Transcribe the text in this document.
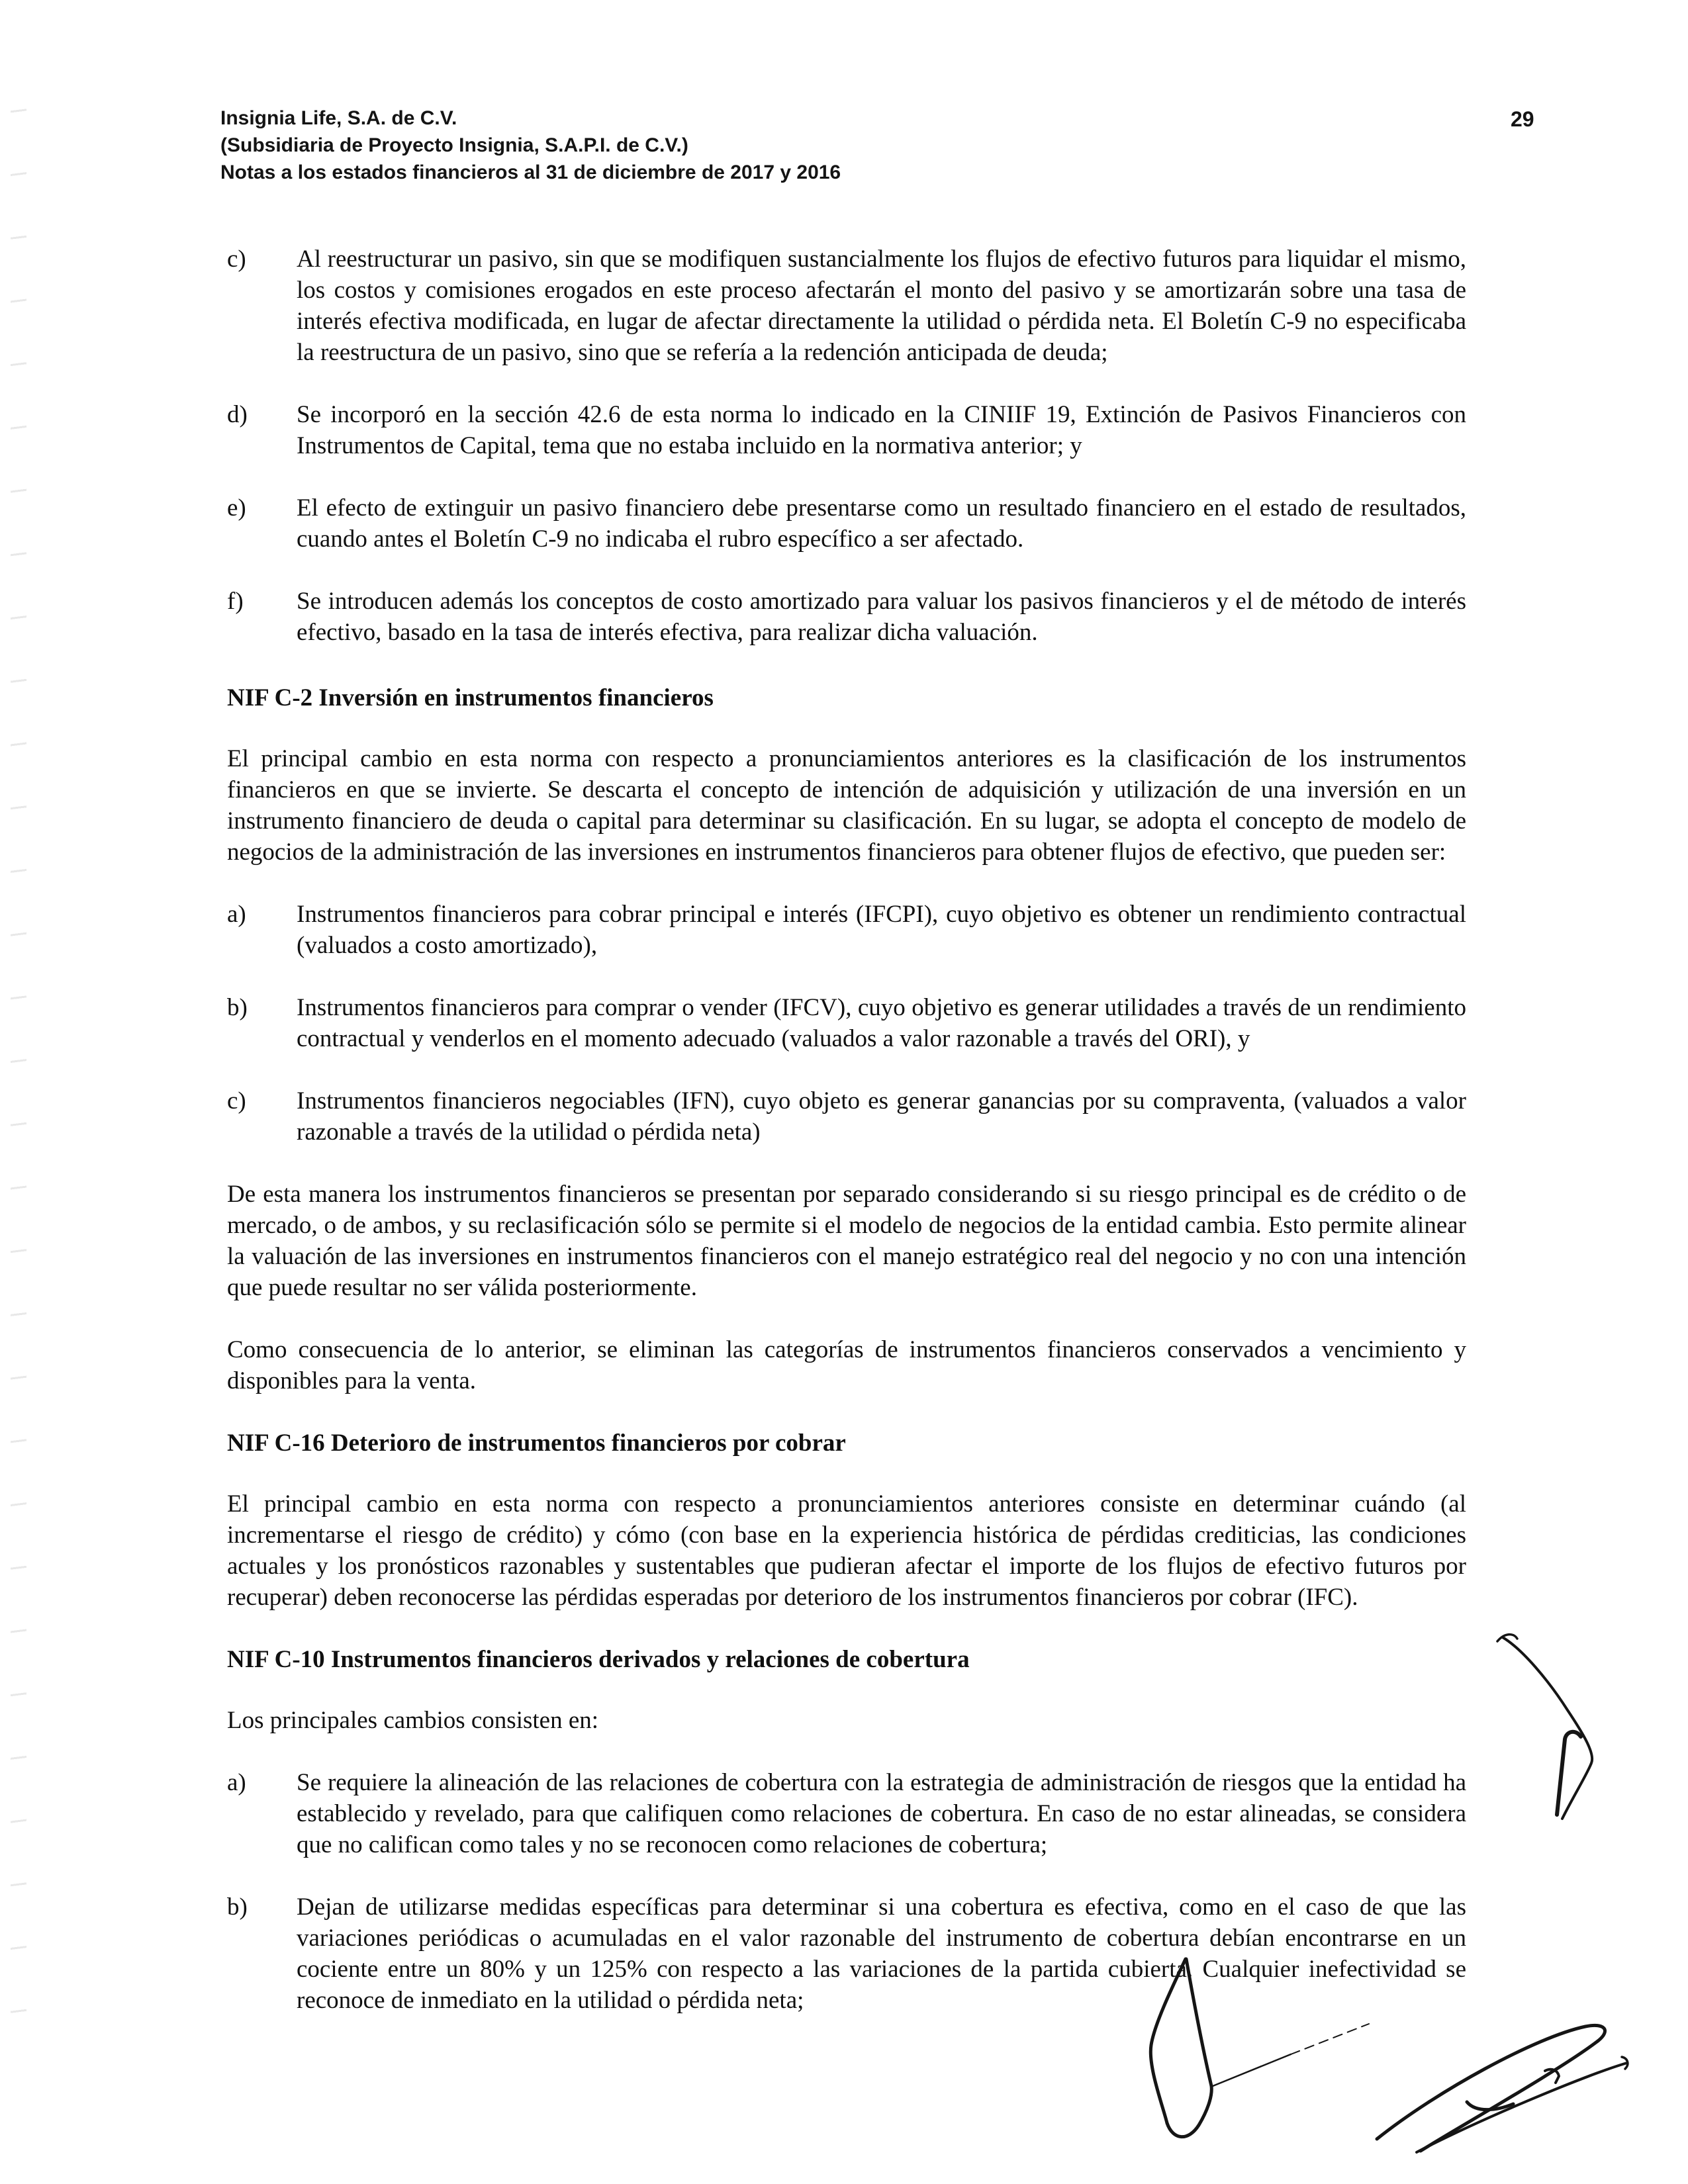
Insignia Life, S.A. de C.V.
(Subsidiaria de Proyecto Insignia, S.A.P.I. de C.V.)
Notas a los estados financieros al 31 de diciembre de 2017 y 2016
29
c)	Al reestructurar un pasivo, sin que se modifiquen sustancialmente los flujos de efectivo futuros para liquidar el mismo, los costos y comisiones erogados en este proceso afectarán el monto del pasivo y se amortizarán sobre una tasa de interés efectiva modificada, en lugar de afectar directamente la utilidad o pérdida neta. El Boletín C-9 no especificaba la reestructura de un pasivo, sino que se refería a la redención anticipada de deuda;
d)	Se incorporó en la sección 42.6 de esta norma lo indicado en la CINIIF 19, Extinción de Pasivos Financieros con Instrumentos de Capital, tema que no estaba incluido en la normativa anterior; y
e)	El efecto de extinguir un pasivo financiero debe presentarse como un resultado financiero en el estado de resultados, cuando antes el Boletín C-9 no indicaba el rubro específico a ser afectado.
f)	Se introducen además los conceptos de costo amortizado para valuar los pasivos financieros y el de método de interés efectivo, basado en la tasa de interés efectiva, para realizar dicha valuación.
NIF C-2 Inversión en instrumentos financieros
El principal cambio en esta norma con respecto a pronunciamientos anteriores es la clasificación de los instrumentos financieros en que se invierte. Se descarta el concepto de intención de adquisición y utilización de una inversión en un instrumento financiero de deuda o capital para determinar su clasificación. En su lugar, se adopta el concepto de modelo de negocios de la administración de las inversiones en instrumentos financieros para obtener flujos de efectivo, que pueden ser:
a)	Instrumentos financieros para cobrar principal e interés (IFCPI), cuyo objetivo es obtener un rendimiento contractual (valuados a costo amortizado),
b)	Instrumentos financieros para comprar o vender (IFCV), cuyo objetivo es generar utilidades a través de un rendimiento contractual y venderlos en el momento adecuado (valuados a valor razonable a través del ORI), y
c)	Instrumentos financieros negociables (IFN), cuyo objeto es generar ganancias por su compraventa, (valuados a valor razonable a través de la utilidad o pérdida neta)
De esta manera los instrumentos financieros se presentan por separado considerando si su riesgo principal es de crédito o de mercado, o de ambos, y su reclasificación sólo se permite si el modelo de negocios de la entidad cambia. Esto permite alinear la valuación de las inversiones en instrumentos financieros con el manejo estratégico real del negocio y no con una intención que puede resultar no ser válida posteriormente.
Como consecuencia de lo anterior, se eliminan las categorías de instrumentos financieros conservados a vencimiento y disponibles para la venta.
NIF C-16 Deterioro de instrumentos financieros por cobrar
El principal cambio en esta norma con respecto a pronunciamientos anteriores consiste en determinar cuándo (al incrementarse el riesgo de crédito) y cómo (con base en la experiencia histórica de pérdidas crediticias, las condiciones actuales y los pronósticos razonables y sustentables que pudieran afectar el importe de los flujos de efectivo futuros por recuperar) deben reconocerse las pérdidas esperadas por deterioro de los instrumentos financieros por cobrar (IFC).
NIF C-10 Instrumentos financieros derivados y relaciones de cobertura
Los principales cambios consisten en:
a)	Se requiere la alineación de las relaciones de cobertura con la estrategia de administración de riesgos que la entidad ha establecido y revelado, para que califiquen como relaciones de cobertura. En caso de no estar alineadas, se considera que no califican como tales y no se reconocen como relaciones de cobertura;
b)	Dejan de utilizarse medidas específicas para determinar si una cobertura es efectiva, como en el caso de que las variaciones periódicas o acumuladas en el valor razonable del instrumento de cobertura debían encontrarse en un cociente entre un 80% y un 125% con respecto a las variaciones de la partida cubierta. Cualquier inefectividad se reconoce de inmediato en la utilidad o pérdida neta;
